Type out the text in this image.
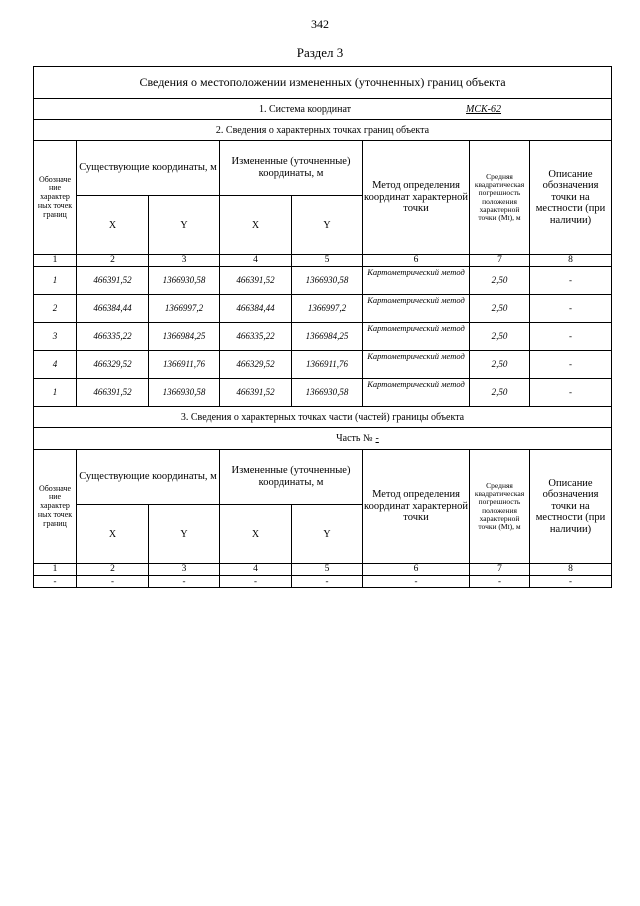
342
Раздел 3
Сведения о местоположении измененных (уточненных) границ объекта							
1. Система координат МСК-62							
2. Сведения о характерных точках границ объекта							
Обозначе ние характер ных точек границ	Существующие координаты, м		Измененные (уточненные) координаты, м		Метод определения координат характерной точки	Средняя квадратическая погрешность положения характерной точки (Mt), м	Описание обозначения точки на местности (при наличии)
	X	Y	X	Y			
1	2	3	4	5	6	7	8
1	466391,52	1366930,58	466391,52	1366930,58	Картометрический метод	2,50	-
2	466384,44	1366997,2	466384,44	1366997,2	Картометрический метод	2,50	-
3	466335,22	1366984,25	466335,22	1366984,25	Картометрический метод	2,50	-
4	466329,52	1366911,76	466329,52	1366911,76	Картометрический метод	2,50	-
1	466391,52	1366930,58	466391,52	1366930,58	Картометрический метод	2,50	-
3. Сведения о характерных точках части (частей) границы объекта							
Часть № -							
Обозначе ние характер ных точек границ	Существующие координаты, м		Измененные (уточненные) координаты, м		Метод определения координат характерной точки	Средняя квадратическая погрешность положения характерной точки (Mt), м	Описание обозначения точки на местности (при наличии)
	X	Y	X	Y			
1	2	3	4	5	6	7	8
-	-	-	-	-	-	-	-
